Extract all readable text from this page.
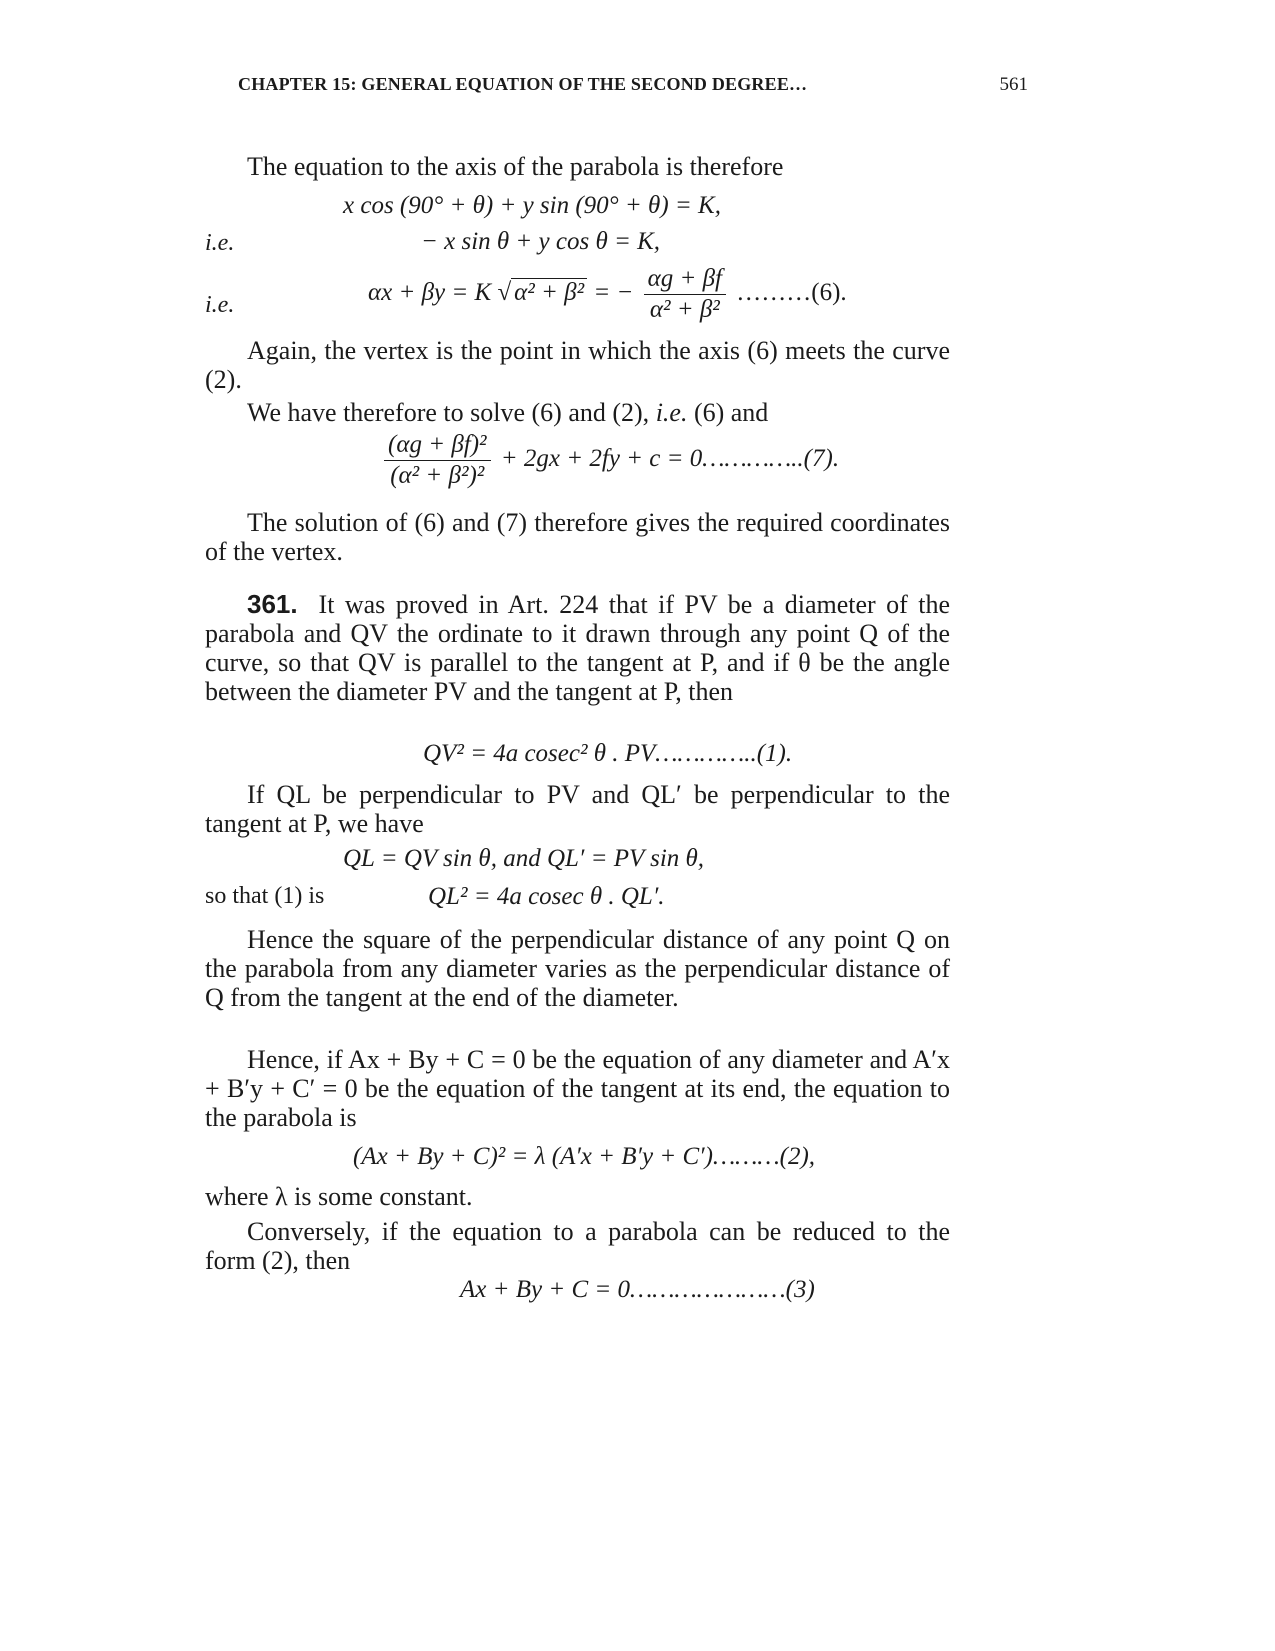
CHAPTER 15: GENERAL EQUATION OF THE SECOND DEGREE…	561
The equation to the axis of the parabola is therefore
x cos (90° + θ) + y sin (90° + θ) = K,
i.e.	− x sin θ + y cos θ = K,
i.e.	αx + βy = K √ α² + β² = − $\frac{\alpha g + \beta f}{\text{α² + β²}}$ ………(6).
Again, the vertex is the point in which the axis (6) meets the curve (2).
We have therefore to solve (6) and (2), i.e. (6) and
$\frac{\text{(αg + βf)²}}{\text{(α² + β²)²}} + 2gx + 2fy + c$ = 0…………..(7).
The solution of (6) and (7) therefore gives the required coordinates of the vertex.
361. It was proved in Art. 224 that if PV be a diameter of the parabola and QV the ordinate to it drawn through any point Q of the curve, so that QV is parallel to the tangent at P, and if θ be the angle between the diameter PV and the tangent at P, then
QV² = 4a cosec² θ . PV…………..(1).
If QL be perpendicular to PV and QL′ be perpendicular to the tangent at P, we have
QL = QV sin θ, and QL′ = PV sin θ,
so that (1) is	QL² = 4a cosec θ . QL′.
Hence the square of the perpendicular distance of any point Q on the parabola from any diameter varies as the perpendicular distance of Q from the tangent at the end of the diameter.
Hence, if Ax + By + C = 0 be the equation of any diameter and A′x + B′y + C′ = 0 be the equation of the tangent at its end, the equation to the parabola is
(Ax + By + C)² = λ (A′x + B′y + C′)………(2),
where λ is some constant.
Conversely, if the equation to a parabola can be reduced to the form (2), then
Ax + By + C = 0…………………(3)
